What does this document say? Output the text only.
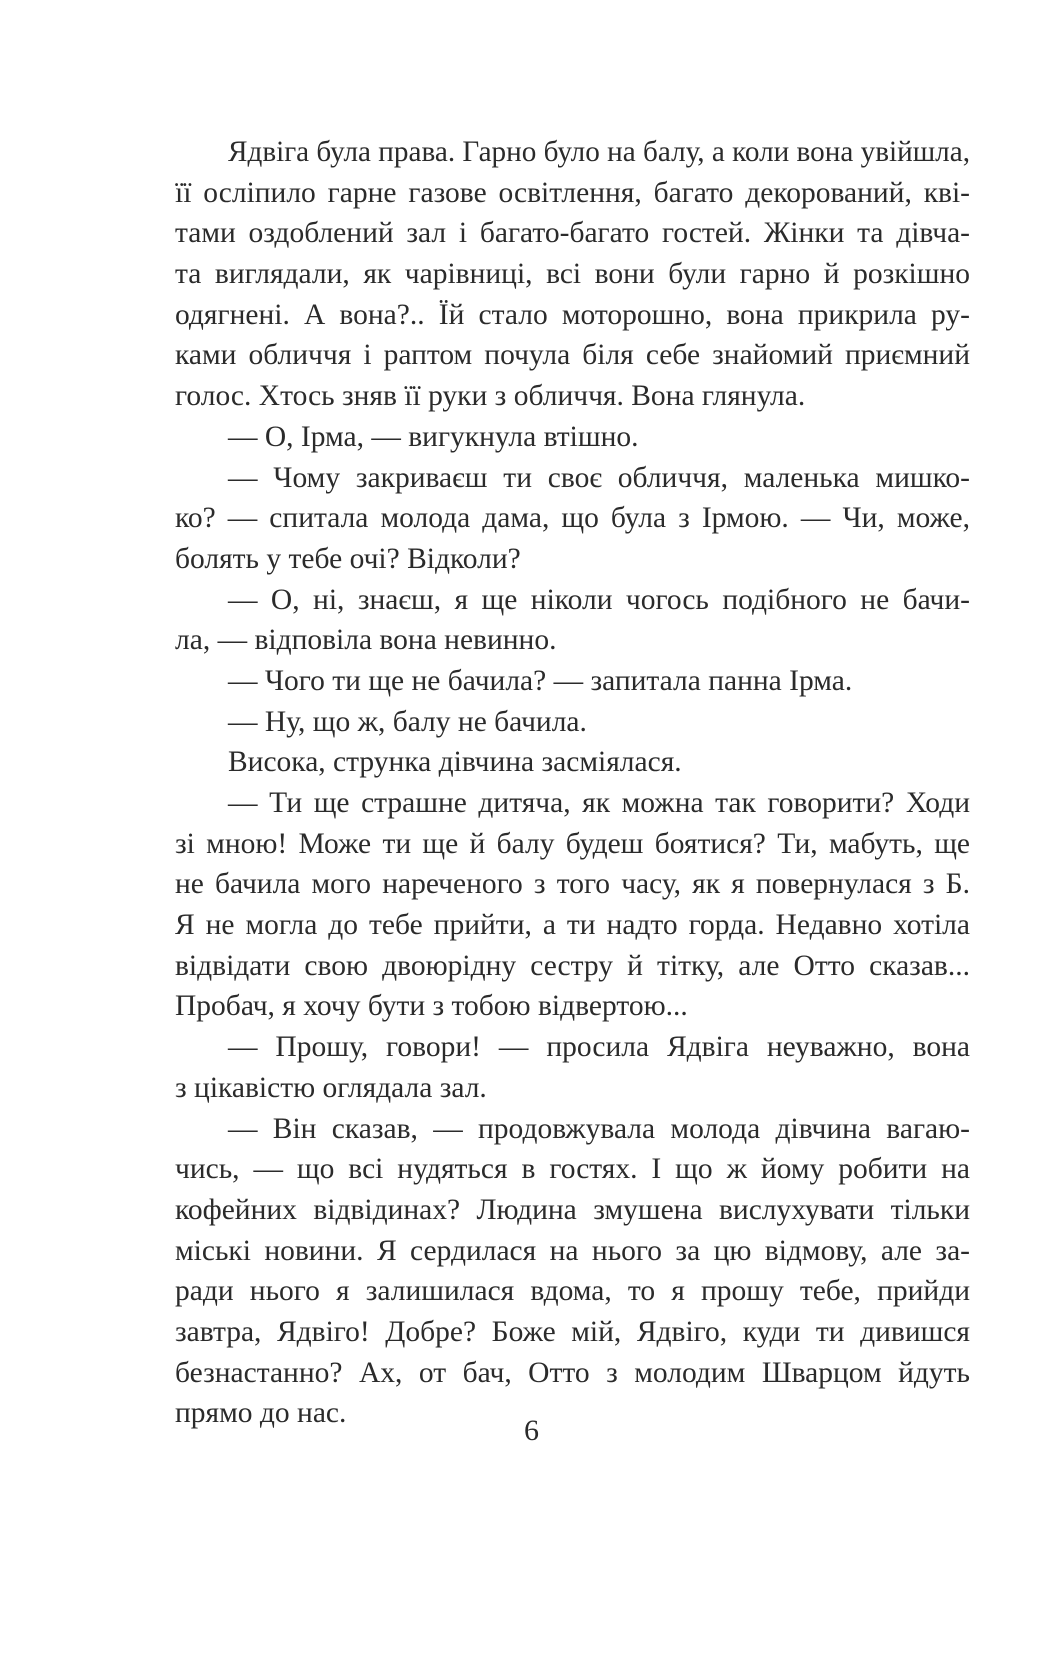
Ядвіга була права. Гарно було на балу, а коли вона увійшла,
її осліпило гарне газове освітлення, багато декорований, кві-
тами оздоблений зал і багато-багато гостей. Жінки та дівча-
та виглядали, як чарівниці, всі вони були гарно й розкішно
одягнені. А вона?.. Їй стало моторошно, вона прикрила ру-
ками обличчя і раптом почула біля себе знайомий приємний
голос. Хтось зняв її руки з обличчя. Вона глянула.
— О, Ірма, — вигукнула втішно.
— Чому закриваєш ти своє обличчя, маленька мишко-
ко? — спитала молода дама, що була з Ірмою. — Чи, може,
болять у тебе очі? Відколи?
— О, ні, знаєш, я ще ніколи чогось подібного не бачи-
ла, — відповіла вона невинно.
— Чого ти ще не бачила? — запитала панна Ірма.
— Ну, що ж, балу не бачила.
Висока, струнка дівчина засміялася.
— Ти ще страшне дитяча, як можна так говорити? Ходи
зі мною! Може ти ще й балу будеш боятися? Ти, мабуть, ще
не бачила мого нареченого з того часу, як я повернулася з Б.
Я не могла до тебе прийти, а ти надто горда. Недавно хотіла
відвідати свою двоюрідну сестру й тітку, але Отто сказав...
Пробач, я хочу бути з тобою відвертою...
— Прошу, говори! — просила Ядвіга неуважно, вона
з цікавістю оглядала зал.
— Він сказав, — продовжувала молода дівчина вагаю-
чись, — що всі нудяться в гостях. І що ж йому робити на
кофейних відвідинах? Людина змушена вислухувати тільки
міські новини. Я сердилася на нього за цю відмову, але за-
ради нього я залишилася вдома, то я прошу тебе, прийди
завтра, Ядвіго! Добре? Боже мій, Ядвіго, куди ти дивишся
безнастанно? Ах, от бач, Отто з молодим Шварцом йдуть
прямо до нас.
6
